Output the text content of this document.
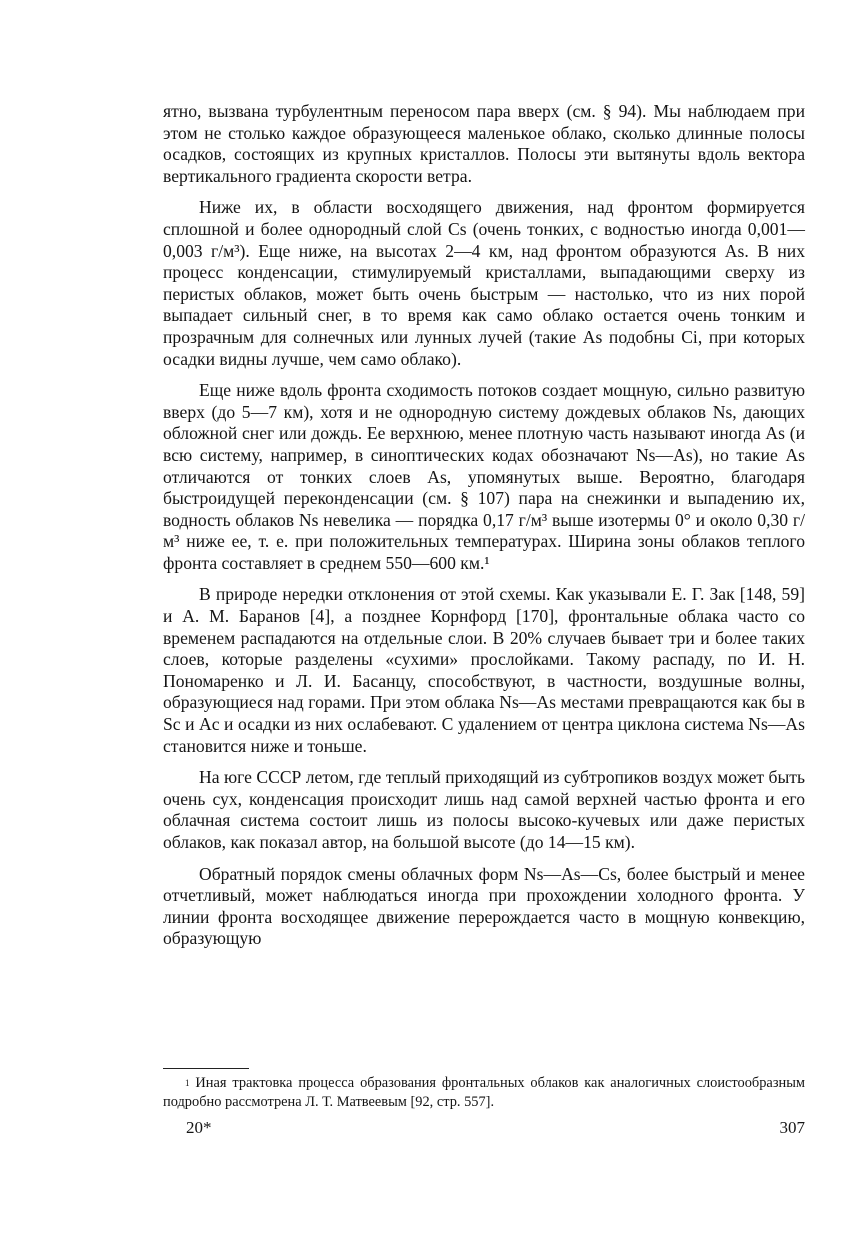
ятно, вызвана турбулентным переносом пара вверх (см. § 94). Мы наблюдаем при этом не столько каждое образующееся маленькое облако, сколько длинные полосы осадков, состоящих из крупных кристаллов. Полосы эти вытянуты вдоль вектора вертикального градиента скорости ветра.

Ниже их, в области восходящего движения, над фронтом формируется сплошной и более однородный слой Cs (очень тонких, с водностью иногда 0,001—0,003 г/м³). Еще ниже, на высотах 2—4 км, над фронтом образуются As. В них процесс конденсации, стимулируемый кристаллами, выпадающими сверху из перистых облаков, может быть очень быстрым — настолько, что из них порой выпадает сильный снег, в то время как само облако остается очень тонким и прозрачным для солнечных или лунных лучей (такие As подобны Ci, при которых осадки видны лучше, чем само облако).

Еще ниже вдоль фронта сходимость потоков создает мощную, сильно развитую вверх (до 5—7 км), хотя и не однородную систему дождевых облаков Ns, дающих обложной снег или дождь. Ее верхнюю, менее плотную часть называют иногда As (и всю систему, например, в синоптических кодах обозначают Ns—As), но такие As отличаются от тонких слоев As, упомянутых выше. Вероятно, благодаря быстроидущей переконденсации (см. § 107) пара на снежинки и выпадению их, водность облаков Ns невелика — порядка 0,17 г/м³ выше изотермы 0° и около 0,30 г/м³ ниже ее, т. е. при положительных температурах. Ширина зоны облаков теплого фронта составляет в среднем 550—600 км.¹

В природе нередки отклонения от этой схемы. Как указывали Е. Г. Зак [148, 59] и А. М. Баранов [4], а позднее Корнфорд [170], фронтальные облака часто со временем распадаются на отдельные слои. В 20% случаев бывает три и более таких слоев, которые разделены «сухими» прослойками. Такому распаду, по И. Н. Пономаренко и Л. И. Басанцу, способствуют, в частности, воздушные волны, образующиеся над горами. При этом облака Ns—As местами превращаются как бы в Sc и Ac и осадки из них ослабевают. С удалением от центра циклона система Ns—As становится ниже и тоньше.

На юге СССР летом, где теплый приходящий из субтропиков воздух может быть очень сух, конденсация происходит лишь над самой верхней частью фронта и его облачная система состоит лишь из полосы высоко-кучевых или даже перистых облаков, как показал автор, на большой высоте (до 14—15 км).

Обратный порядок смены облачных форм Ns—As—Cs, более быстрый и менее отчетливый, может наблюдаться иногда при прохождении холодного фронта. У линии фронта восходящее движение перерождается часто в мощную конвекцию, образующую

$^1$ Иная трактовка процесса образования фронтальных облаков как аналогичных слоистообразным подробно рассмотрена Л. Т. Матвеевым [92, стр. 557].

20*	307
